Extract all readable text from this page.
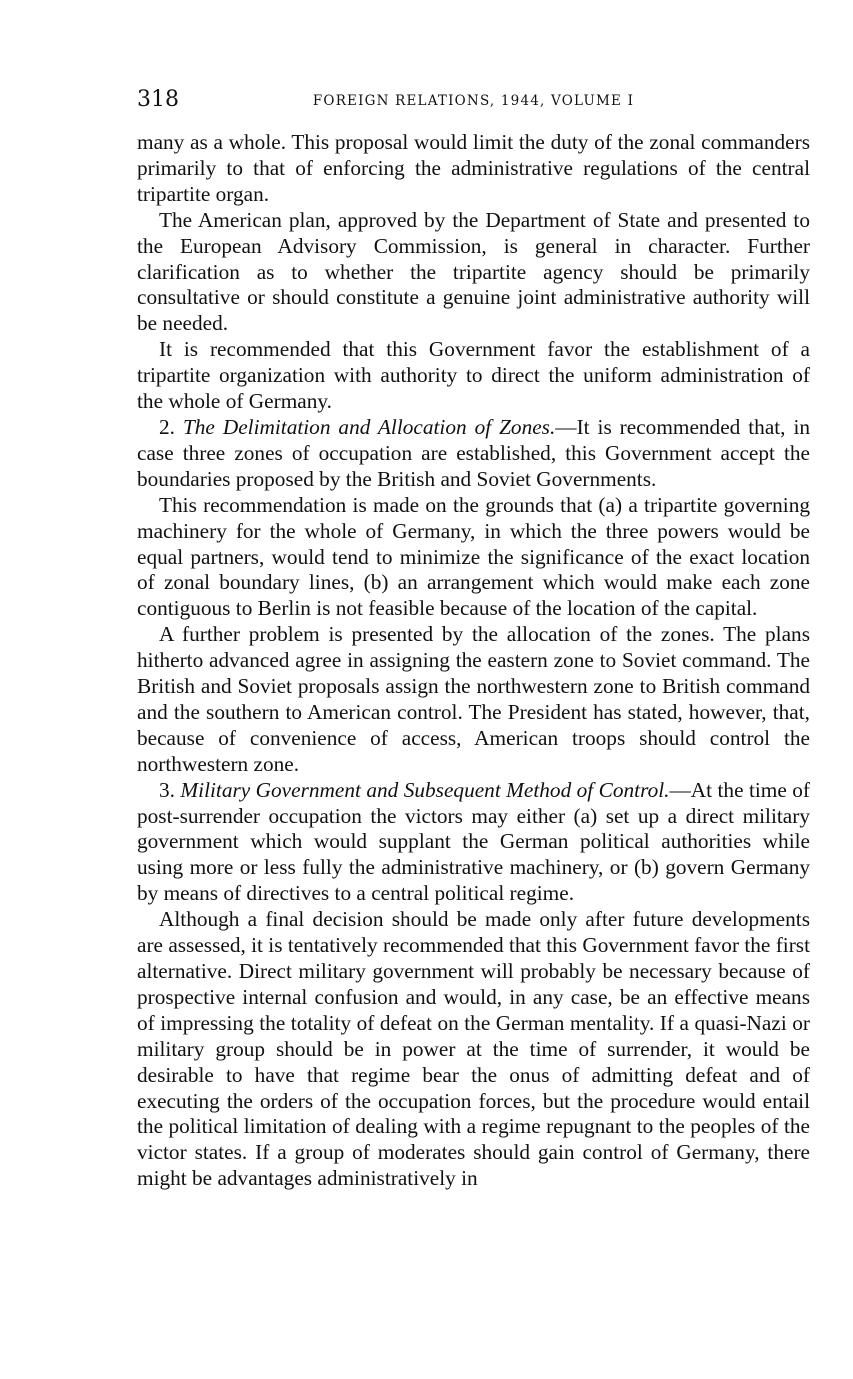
318	FOREIGN RELATIONS, 1944, VOLUME I

many as a whole. This proposal would limit the duty of the zonal commanders primarily to that of enforcing the administrative regulations of the central tripartite organ.

The American plan, approved by the Department of State and presented to the European Advisory Commission, is general in character. Further clarification as to whether the tripartite agency should be primarily consultative or should constitute a genuine joint administrative authority will be needed.

It is recommended that this Government favor the establishment of a tripartite organization with authority to direct the uniform administration of the whole of Germany.

2. The Delimitation and Allocation of Zones.—It is recommended that, in case three zones of occupation are established, this Government accept the boundaries proposed by the British and Soviet Governments.

This recommendation is made on the grounds that (a) a tripartite governing machinery for the whole of Germany, in which the three powers would be equal partners, would tend to minimize the significance of the exact location of zonal boundary lines, (b) an arrangement which would make each zone contiguous to Berlin is not feasible because of the location of the capital.

A further problem is presented by the allocation of the zones. The plans hitherto advanced agree in assigning the eastern zone to Soviet command. The British and Soviet proposals assign the northwestern zone to British command and the southern to American control. The President has stated, however, that, because of convenience of access, American troops should control the northwestern zone.

3. Military Government and Subsequent Method of Control.—At the time of post-surrender occupation the victors may either (a) set up a direct military government which would supplant the German political authorities while using more or less fully the administrative machinery, or (b) govern Germany by means of directives to a central political regime.

Although a final decision should be made only after future developments are assessed, it is tentatively recommended that this Government favor the first alternative. Direct military government will probably be necessary because of prospective internal confusion and would, in any case, be an effective means of impressing the totality of defeat on the German mentality. If a quasi-Nazi or military group should be in power at the time of surrender, it would be desirable to have that regime bear the onus of admitting defeat and of executing the orders of the occupation forces, but the procedure would entail the political limitation of dealing with a regime repugnant to the peoples of the victor states. If a group of moderates should gain control of Germany, there might be advantages administratively in
